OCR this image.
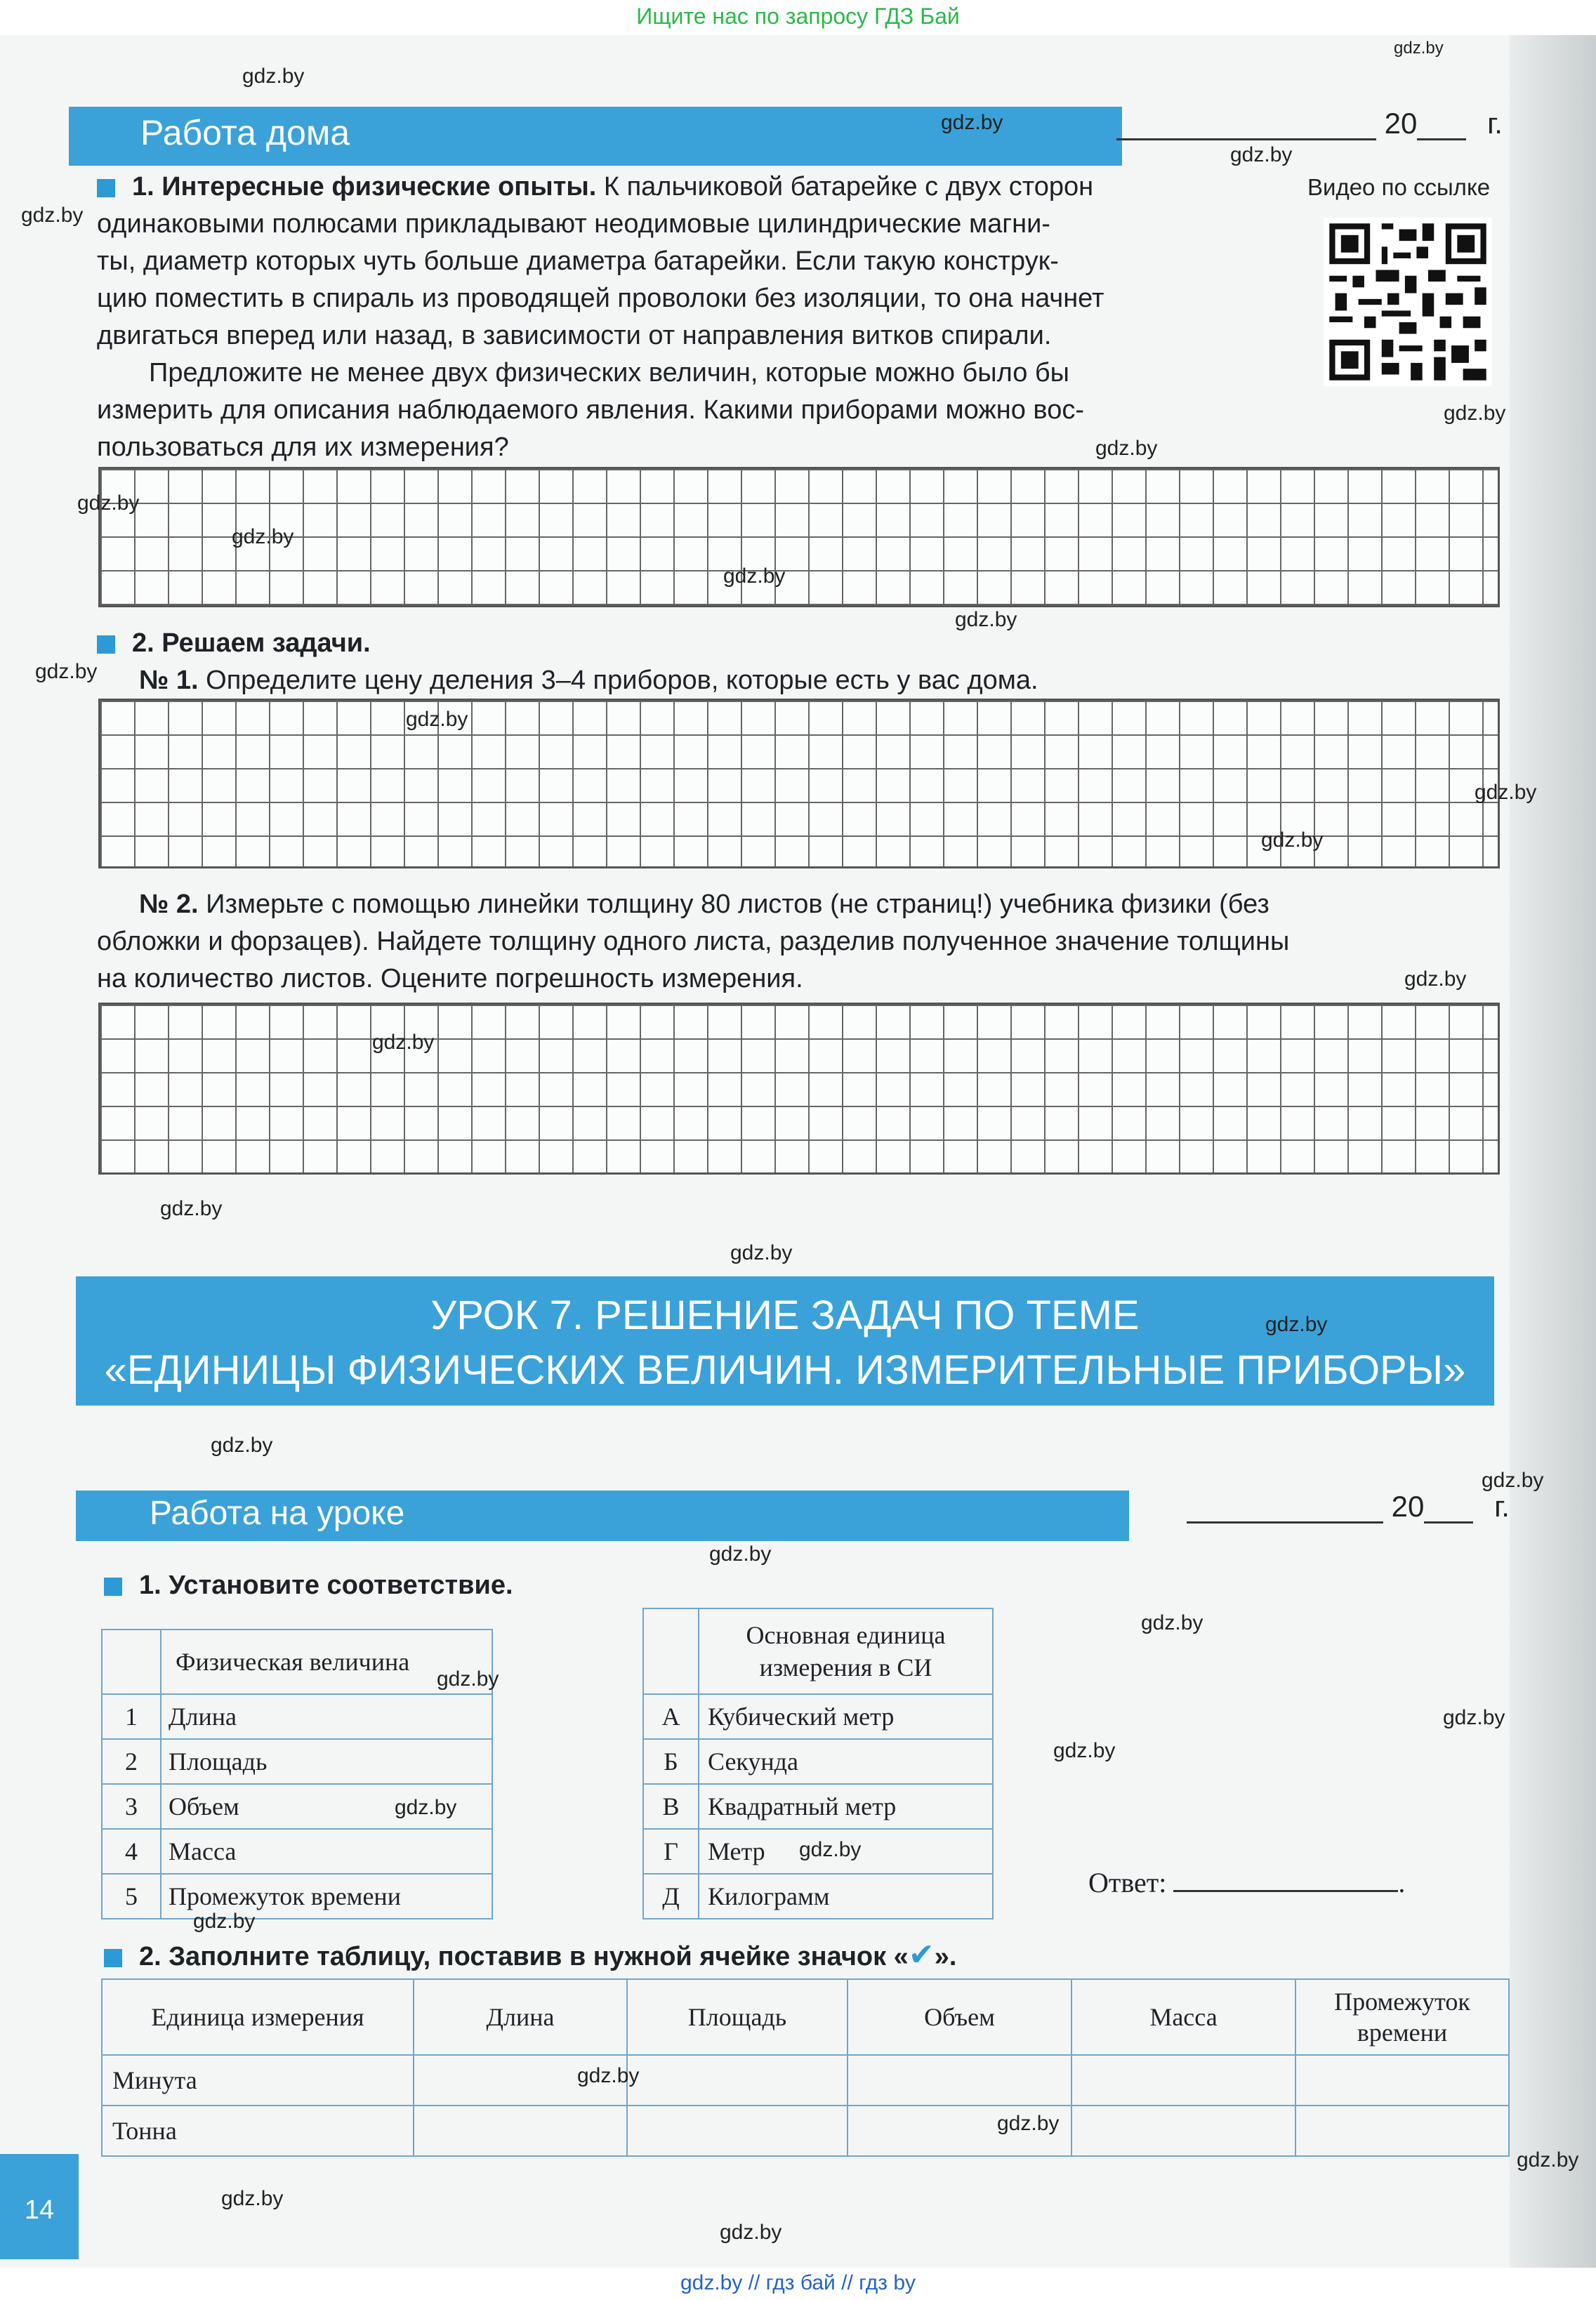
Ищите нас по запросу ГДЗ Бай
Работа дома	20 г.
Видео по ссылке
1. Интересные физические опыты. К пальчиковой батарейке с двух сторон
одинаковыми полюсами прикладывают неодимовые цилиндрические магни-
ты, диаметр которых чуть больше диаметра батарейки. Если такую конструк-
цию поместить в спираль из проводящей проволоки без изоляции, то она начнет
двигаться вперед или назад, в зависимости от направления витков спирали.
Предложите не менее двух физических величин, которые можно было бы
измерить для описания наблюдаемого явления. Какими приборами можно вос-
пользоваться для их измерения?
2. Решаем задачи.
№ 1. Определите цену деления 3–4 приборов, которые есть у вас дома.
№ 2. Измерьте с помощью линейки толщину 80 листов (не страниц!) учебника физики (без
обложки и форзацев). Найдете толщину одного листа, разделив полученное значение толщины
на количество листов. Оцените погрешность измерения.
УРОК 7. РЕШЕНИЕ ЗАДАЧ ПО ТЕМЕ
«ЕДИНИЦЫ ФИЗИЧЕСКИХ ВЕЛИЧИН. ИЗМЕРИТЕЛЬНЫЕ ПРИБОРЫ»
Работа на уроке	20 г.
1. Установите соответствие.
	Физическая величина
1	Длина
2	Площадь
3	Объем
4	Масса
5	Промежуток времени
	Основная единица измерения в СИ
А	Кубический метр
Б	Секунда
В	Квадратный метр
Г	Метр
Д	Килограмм	Ответ:	.
2. Заполните таблицу, поставив в нужной ячейке значок «✔».
Единица измерения	Длина	Площадь	Объем	Масса	Промежуток времени
Минута					
Тонна					
14
gdz.by
gdz.by
gdz.by
gdz.by
gdz.by
gdz.by
gdz.by
gdz.by
gdz.by
gdz.by
gdz.by
gdz.by
gdz.by
gdz.by
gdz.by
gdz.by
gdz.by
gdz.by
gdz.by
gdz.by
gdz.by
gdz.by
gdz.by
gdz.by
gdz.by
gdz.by
gdz.by
gdz.by
gdz.by
gdz.by
gdz.by
gdz.by
gdz.by
gdz.by
gdz.by
gdz.by // гдз бай // гдз by
